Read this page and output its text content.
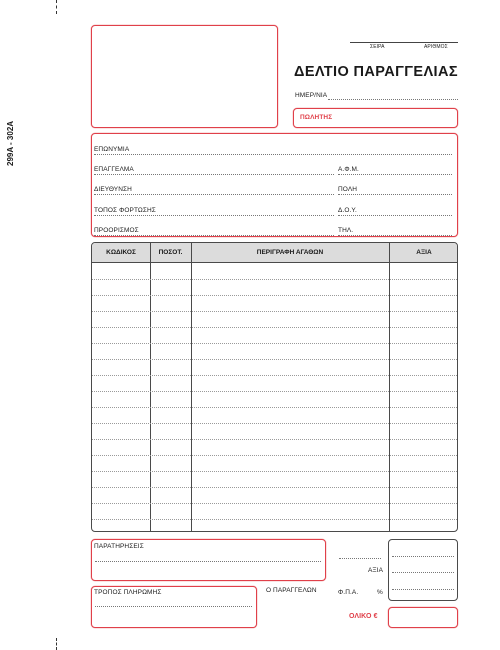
299A - 302A
ΣΕΙΡΑ	ΑΡΙΘΜΟΣ
ΔΕΛΤΙΟ ΠΑΡΑΓΓΕΛΙΑΣ
ΗΜΕΡ/ΝΙΑ
ΠΩΛΗΤΗΣ
ΕΠΩΝΥΜΙΑ
ΕΠΑΓΓΕΛΜΑ	Α.Φ.Μ.
ΔΙΕΥΘΥΝΣΗ	ΠΟΛΗ
ΤΟΠΟΣ ΦΟΡΤΩΣΗΣ	Δ.Ο.Υ.
ΠΡΟΟΡΙΣΜΟΣ	ΤΗΛ.
ΚΩΔΙΚΟΣ	ΠΟΣΟΤ.	ΠΕΡΙΓΡΑΦΗ ΑΓΑΘΩΝ	ΑΞΙΑ
ΠΑΡΑΤΗΡΗΣΕΙΣ
ΤΡΟΠΟΣ ΠΛΗΡΩΜΗΣ	Ο ΠΑΡΑΓΓΕΛΩΝ
ΑΞΙΑ
Φ.Π.Α.	%
ΟΛΙΚΟ €
